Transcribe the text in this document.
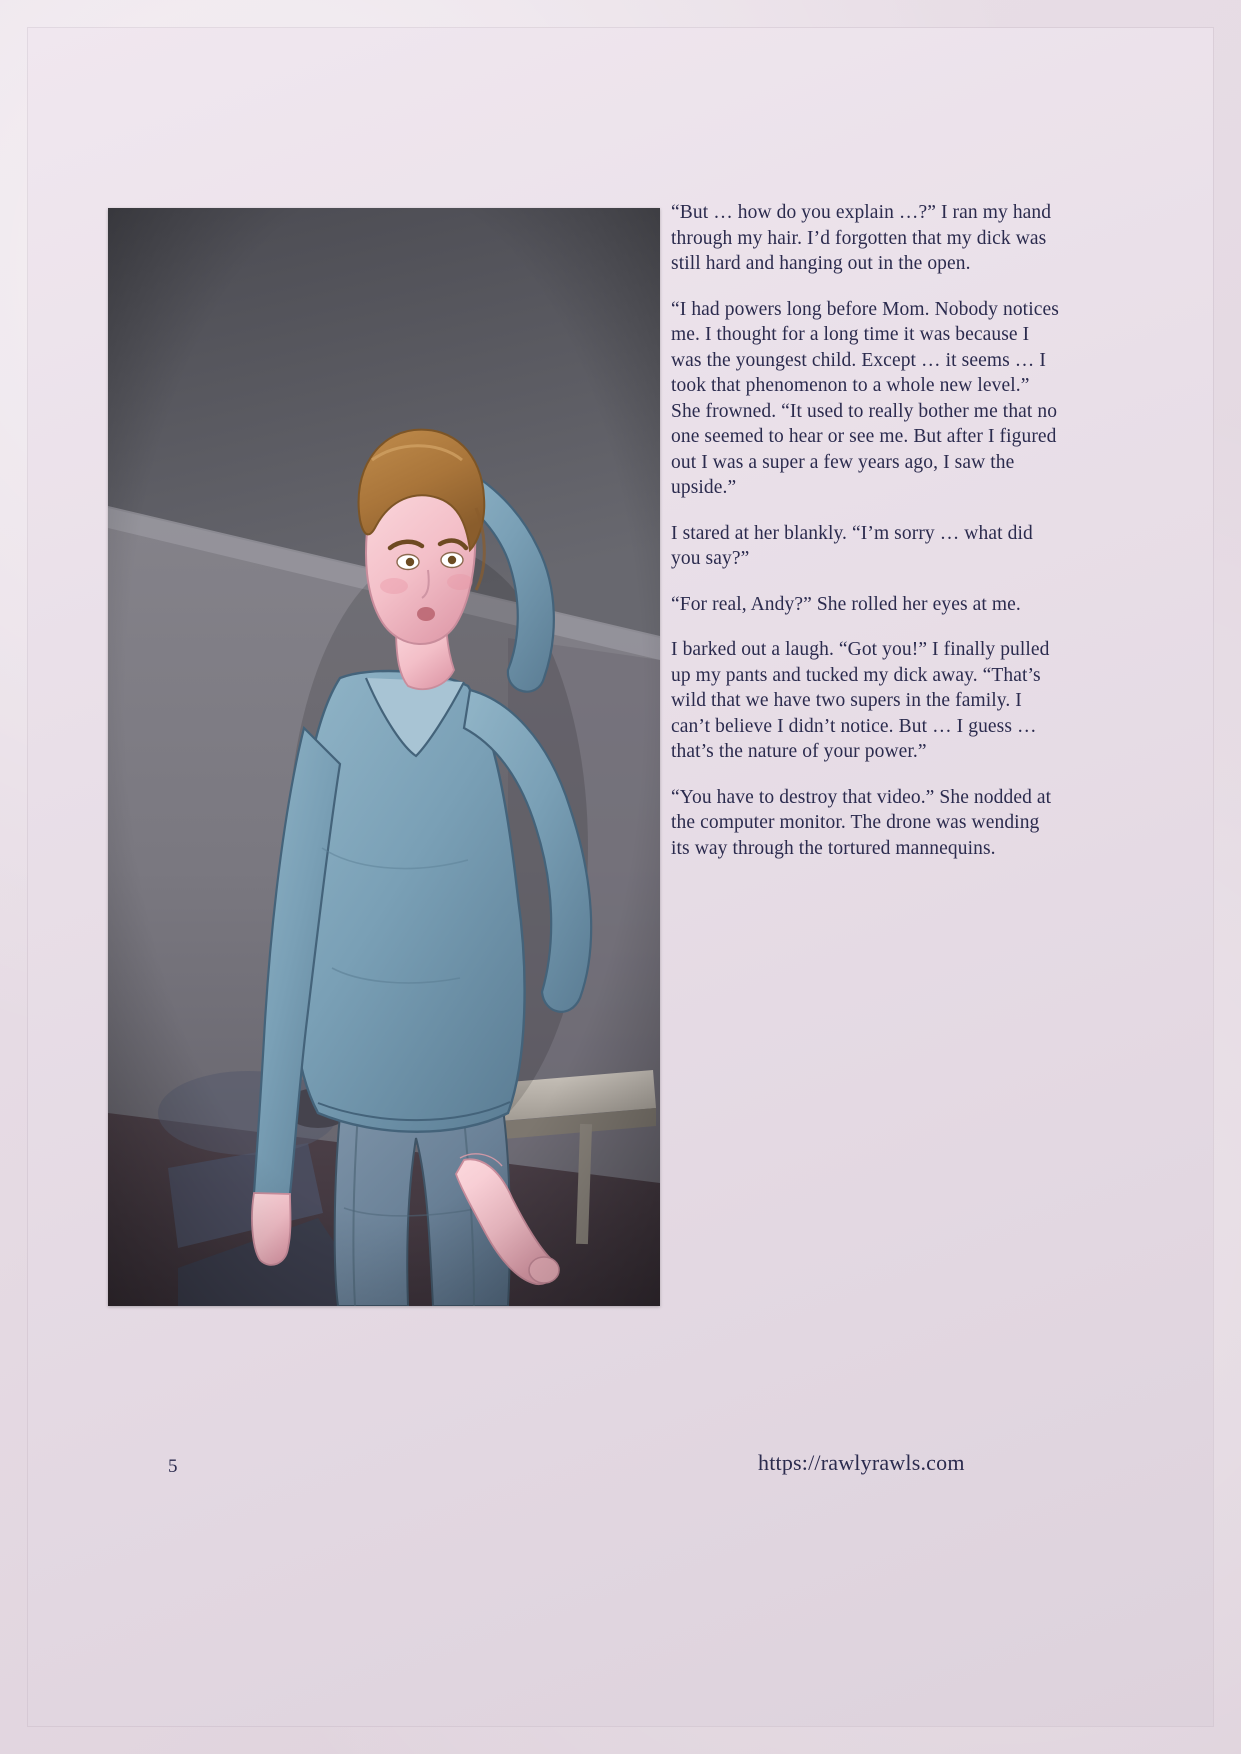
“But … how do you explain …?” I ran my hand through my hair. I’d forgotten that my dick was still hard and hanging out in the open.

“I had powers long before Mom. Nobody notices me. I thought for a long time it was because I was the youngest child. Except … it seems … I took that phenomenon to a whole new level.” She frowned. “It used to really bother me that no one seemed to hear or see me. But after I figured out I was a super a few years ago, I saw the upside.”

I stared at her blankly. “I’m sorry … what did you say?”

“For real, Andy?” She rolled her eyes at me.

I barked out a laugh. “Got you!” I finally pulled up my pants and tucked my dick away. “That’s wild that we have two supers in the family. I can’t believe I didn’t notice. But … I guess … that’s the nature of your power.”

“You have to destroy that video.” She nodded at the computer monitor. The drone was wending its way through the tortured mannequins.

5	https://rawlyrawls.com
